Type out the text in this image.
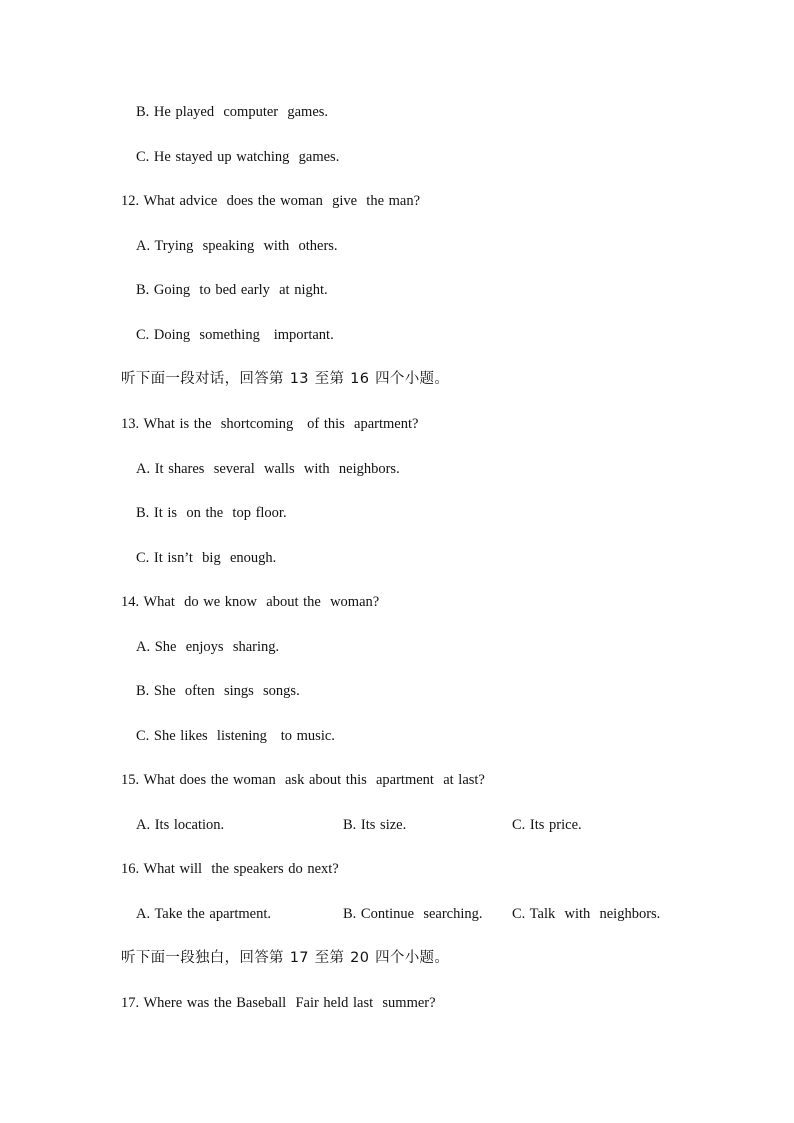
B. He played  computer  games.
C. He stayed up watching  games.
12. What advice  does the woman  give  the man?
A. Trying  speaking  with  others.
B. Going  to bed early  at night.
C. Doing  something   important.
听下面一段对话，回答第 13 至第 16 四个小题。
13. What is the  shortcoming   of this  apartment?
A. It shares  several  walls  with  neighbors.
B. It is  on the  top floor.
C. It isn’t  big  enough.
14. What  do we know  about the  woman?
A. She  enjoys  sharing.
B. She  often  sings  songs.
C. She likes  listening   to music.
15. What does the woman  ask about this  apartment  at last?
A. Its location.	B. Its size.	C. Its price.
16. What will  the speakers do next?
A. Take the apartment.	B. Continue  searching. C. Talk  with  neighbors.
听下面一段独白，回答第 17 至第 20 四个小题。
17. Where was the Baseball  Fair held last  summer?
